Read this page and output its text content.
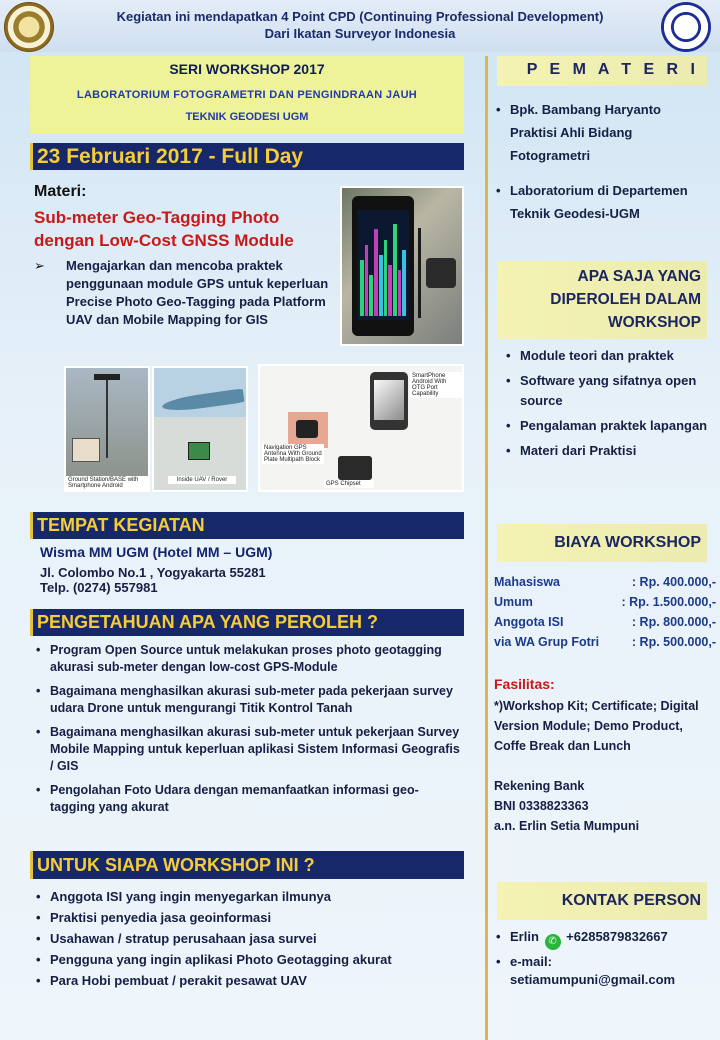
Kegiatan ini mendapatkan 4 Point CPD (Continuing Professional Development)
Dari Ikatan Surveyor Indonesia
SERI WORKSHOP 2017
LABORATORIUM FOTOGRAMETRI DAN PENGINDRAAN JAUH
TEKNIK GEODESI UGM
23 Februari 2017 - Full Day
Materi:
Sub-meter Geo-Tagging Photo
dengan Low-Cost GNSS Module
➢ Mengajarkan dan mencoba praktek penggunaan module GPS untuk keperluan Precise Photo Geo-Tagging pada Platform UAV dan Mobile Mapping for GIS
Ground Station/BASE with Smartphone Android
Inside UAV / Rover
SmartPhone Android With OTG Port Capability
Navigation GPS Antenna With Ground Plate Multipath Block
GPS Chipset
TEMPAT KEGIATAN
Wisma MM UGM (Hotel MM – UGM)
Jl. Colombo No.1 , Yogyakarta 55281
Telp. (0274) 557981
PENGETAHUAN APA YANG PEROLEH ?
• Program Open Source untuk melakukan proses photo geotagging akurasi sub-meter dengan low-cost GPS-Module
• Bagaimana menghasilkan akurasi sub-meter pada pekerjaan survey udara Drone untuk mengurangi Titik Kontrol Tanah
• Bagaimana menghasilkan akurasi sub-meter untuk pekerjaan Survey Mobile Mapping untuk keperluan aplikasi Sistem Informasi Geografis / GIS
• Pengolahan Foto Udara dengan memanfaatkan informasi geo-tagging yang akurat
UNTUK SIAPA WORKSHOP INI ?
• Anggota ISI yang ingin menyegarkan ilmunya
• Praktisi penyedia jasa geoinformasi
• Usahawan / stratup perusahaan jasa survei
• Pengguna yang ingin aplikasi Photo Geotagging akurat
• Para Hobi pembuat / perakit pesawat UAV
P E M A T E R I
• Bpk. Bambang Haryanto Praktisi Ahli Bidang Fotogrametri
• Laboratorium di Departemen Teknik Geodesi-UGM
APA SAJA YANG
DIPEROLEH DALAM
WORKSHOP
• Module teori dan praktek
• Software yang sifatnya open source
• Pengalaman praktek lapangan
• Materi dari Praktisi
BIAYA WORKSHOP
Mahasiswa	: Rp. 400.000,-
Umum	: Rp. 1.500.000,-
Anggota ISI	: Rp. 800.000,-
via WA Grup Fotri	: Rp. 500.000,-
Fasilitas:
*)Workshop Kit; Certificate; Digital Version Module; Demo Product, Coffe Break dan Lunch
Rekening Bank
BNI 0338823363
a.n. Erlin Setia Mumpuni
KONTAK PERSON
• Erlin ✆ +6285879832667
• e-mail:
setiamumpuni@gmail.com
